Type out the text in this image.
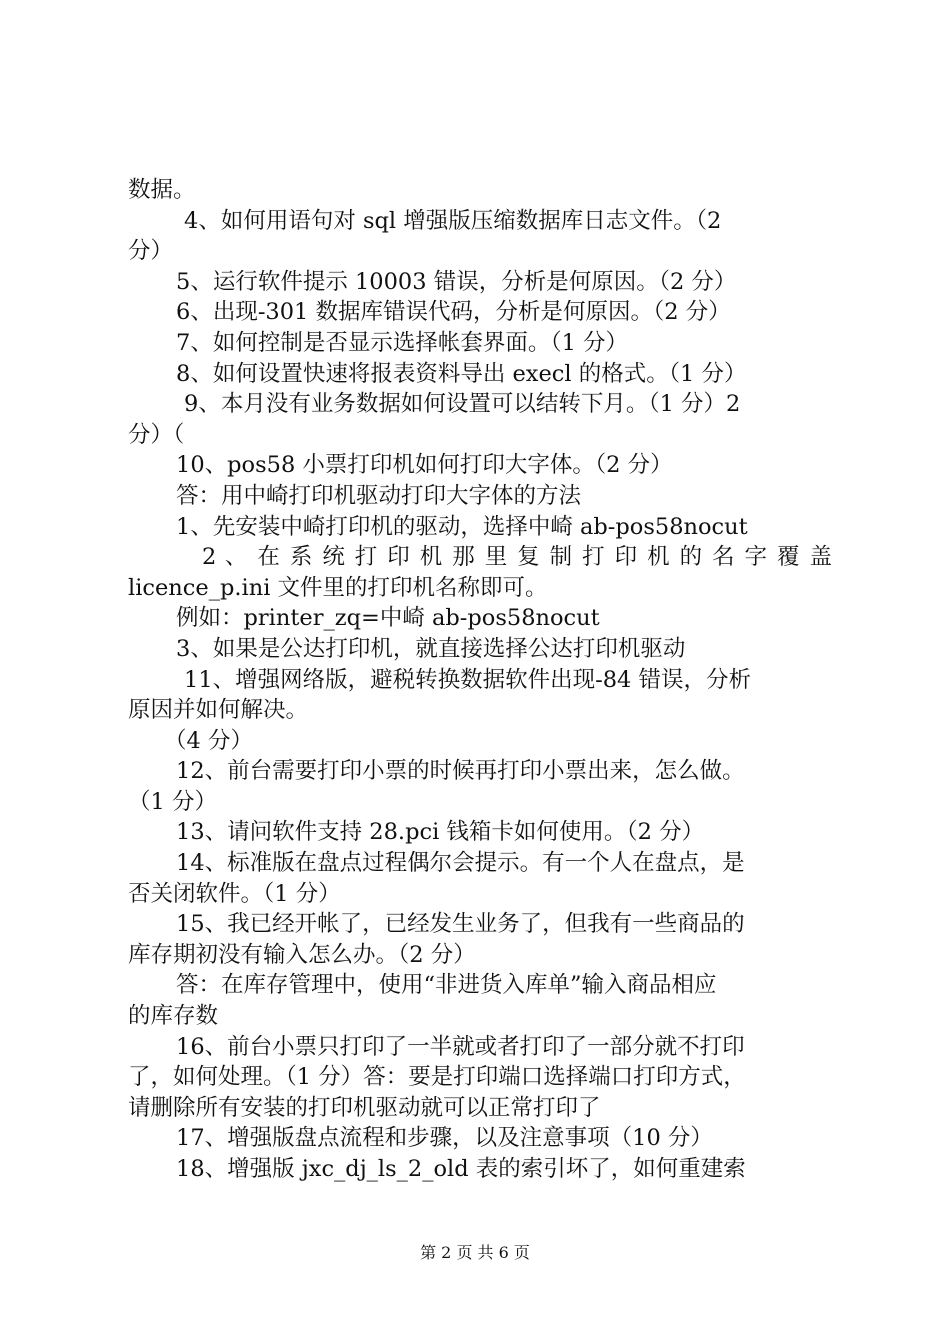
数据。

4、如何用语句对 sql 增强版压缩数据库日志文件。（2

分）

5、运行软件提示 10003 错误，分析是何原因。（2 分）

6、出现-301 数据库错误代码，分析是何原因。（2 分）

7、如何控制是否显示选择帐套界面。（1 分）

8、如何设置快速将报表资料导出 execl 的格式。（1 分）

9、本月没有业务数据如何设置可以结转下月。（1 分）2

分）（

10、pos58 小票打印机如何打印大字体。（2 分）

答：用中崎打印机驱动打印大字体的方法

1、先安装中崎打印机的驱动，选择中崎 ab-pos58nocut

2 、 在 系 统 打 印 机 那 里 复 制 打 印 机 的 名 字 覆 盖

licence_p.ini 文件里的打印机名称即可。

例如：printer_zq=中崎 ab-pos58nocut

3、如果是公达打印机，就直接选择公达打印机驱动

11、增强网络版，避税转换数据软件出现-84 错误，分析

原因并如何解决。

（4 分）

12、前台需要打印小票的时候再打印小票出来，怎么做。

（1 分）

13、请问软件支持 28.pci 钱箱卡如何使用。（2 分）

14、标准版在盘点过程偶尔会提示。有一个人在盘点，是

否关闭软件。（1 分）

15、我已经开帐了，已经发生业务了，但我有一些商品的

库存期初没有输入怎么办。（2 分）

答：在库存管理中，使用“非进货入库单”输入商品相应

的库存数

16、前台小票只打印了一半就或者打印了一部分就不打印

了，如何处理。（1 分）答：要是打印端口选择端口打印方式，

请删除所有安装的打印机驱动就可以正常打印了

17、增强版盘点流程和步骤，以及注意事项（10 分）

18、增强版 jxc_dj_ls_2_old 表的索引坏了，如何重建索

第 2 页 共 6 页
